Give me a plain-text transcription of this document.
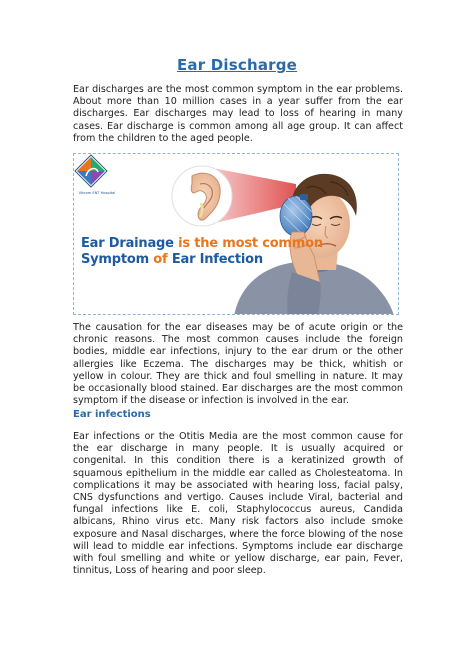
Ear Discharge

Ear discharges are the most common symptom in the ear problems. About more than 10 million cases in a year suffer from the ear discharges. Ear discharges may lead to loss of hearing in many cases. Ear discharge is common among all age group. It can affect from the children to the aged people.

Vikram ENT Hospital
Ear Drainage is the most common
Symptom of Ear Infection

The causation for the ear diseases may be of acute origin or the chronic reasons. The most common causes include the foreign bodies, middle ear infections, injury to the ear drum or the other allergies like Eczema. The discharges may be thick, whitish or yellow in colour. They are thick and foul smelling in nature. It may be occasionally blood stained. Ear discharges are the most common symptom if the disease or infection is involved in the ear.

Ear infections

Ear infections or the Otitis Media are the most common cause for the ear discharge in many people. It is usually acquired or congenital. In this condition there is a keratinized growth of squamous epithelium in the middle ear called as Cholesteatoma. In complications it may be associated with hearing loss, facial palsy, CNS dysfunctions and vertigo. Causes include Viral, bacterial and fungal infections like E. coli, Staphylococcus aureus, Candida albicans, Rhino virus etc. Many risk factors also include smoke exposure and Nasal discharges, where the force blowing of the nose will lead to middle ear infections. Symptoms include ear discharge with foul smelling and white or yellow discharge, ear pain, Fever, tinnitus, Loss of hearing and poor sleep.
